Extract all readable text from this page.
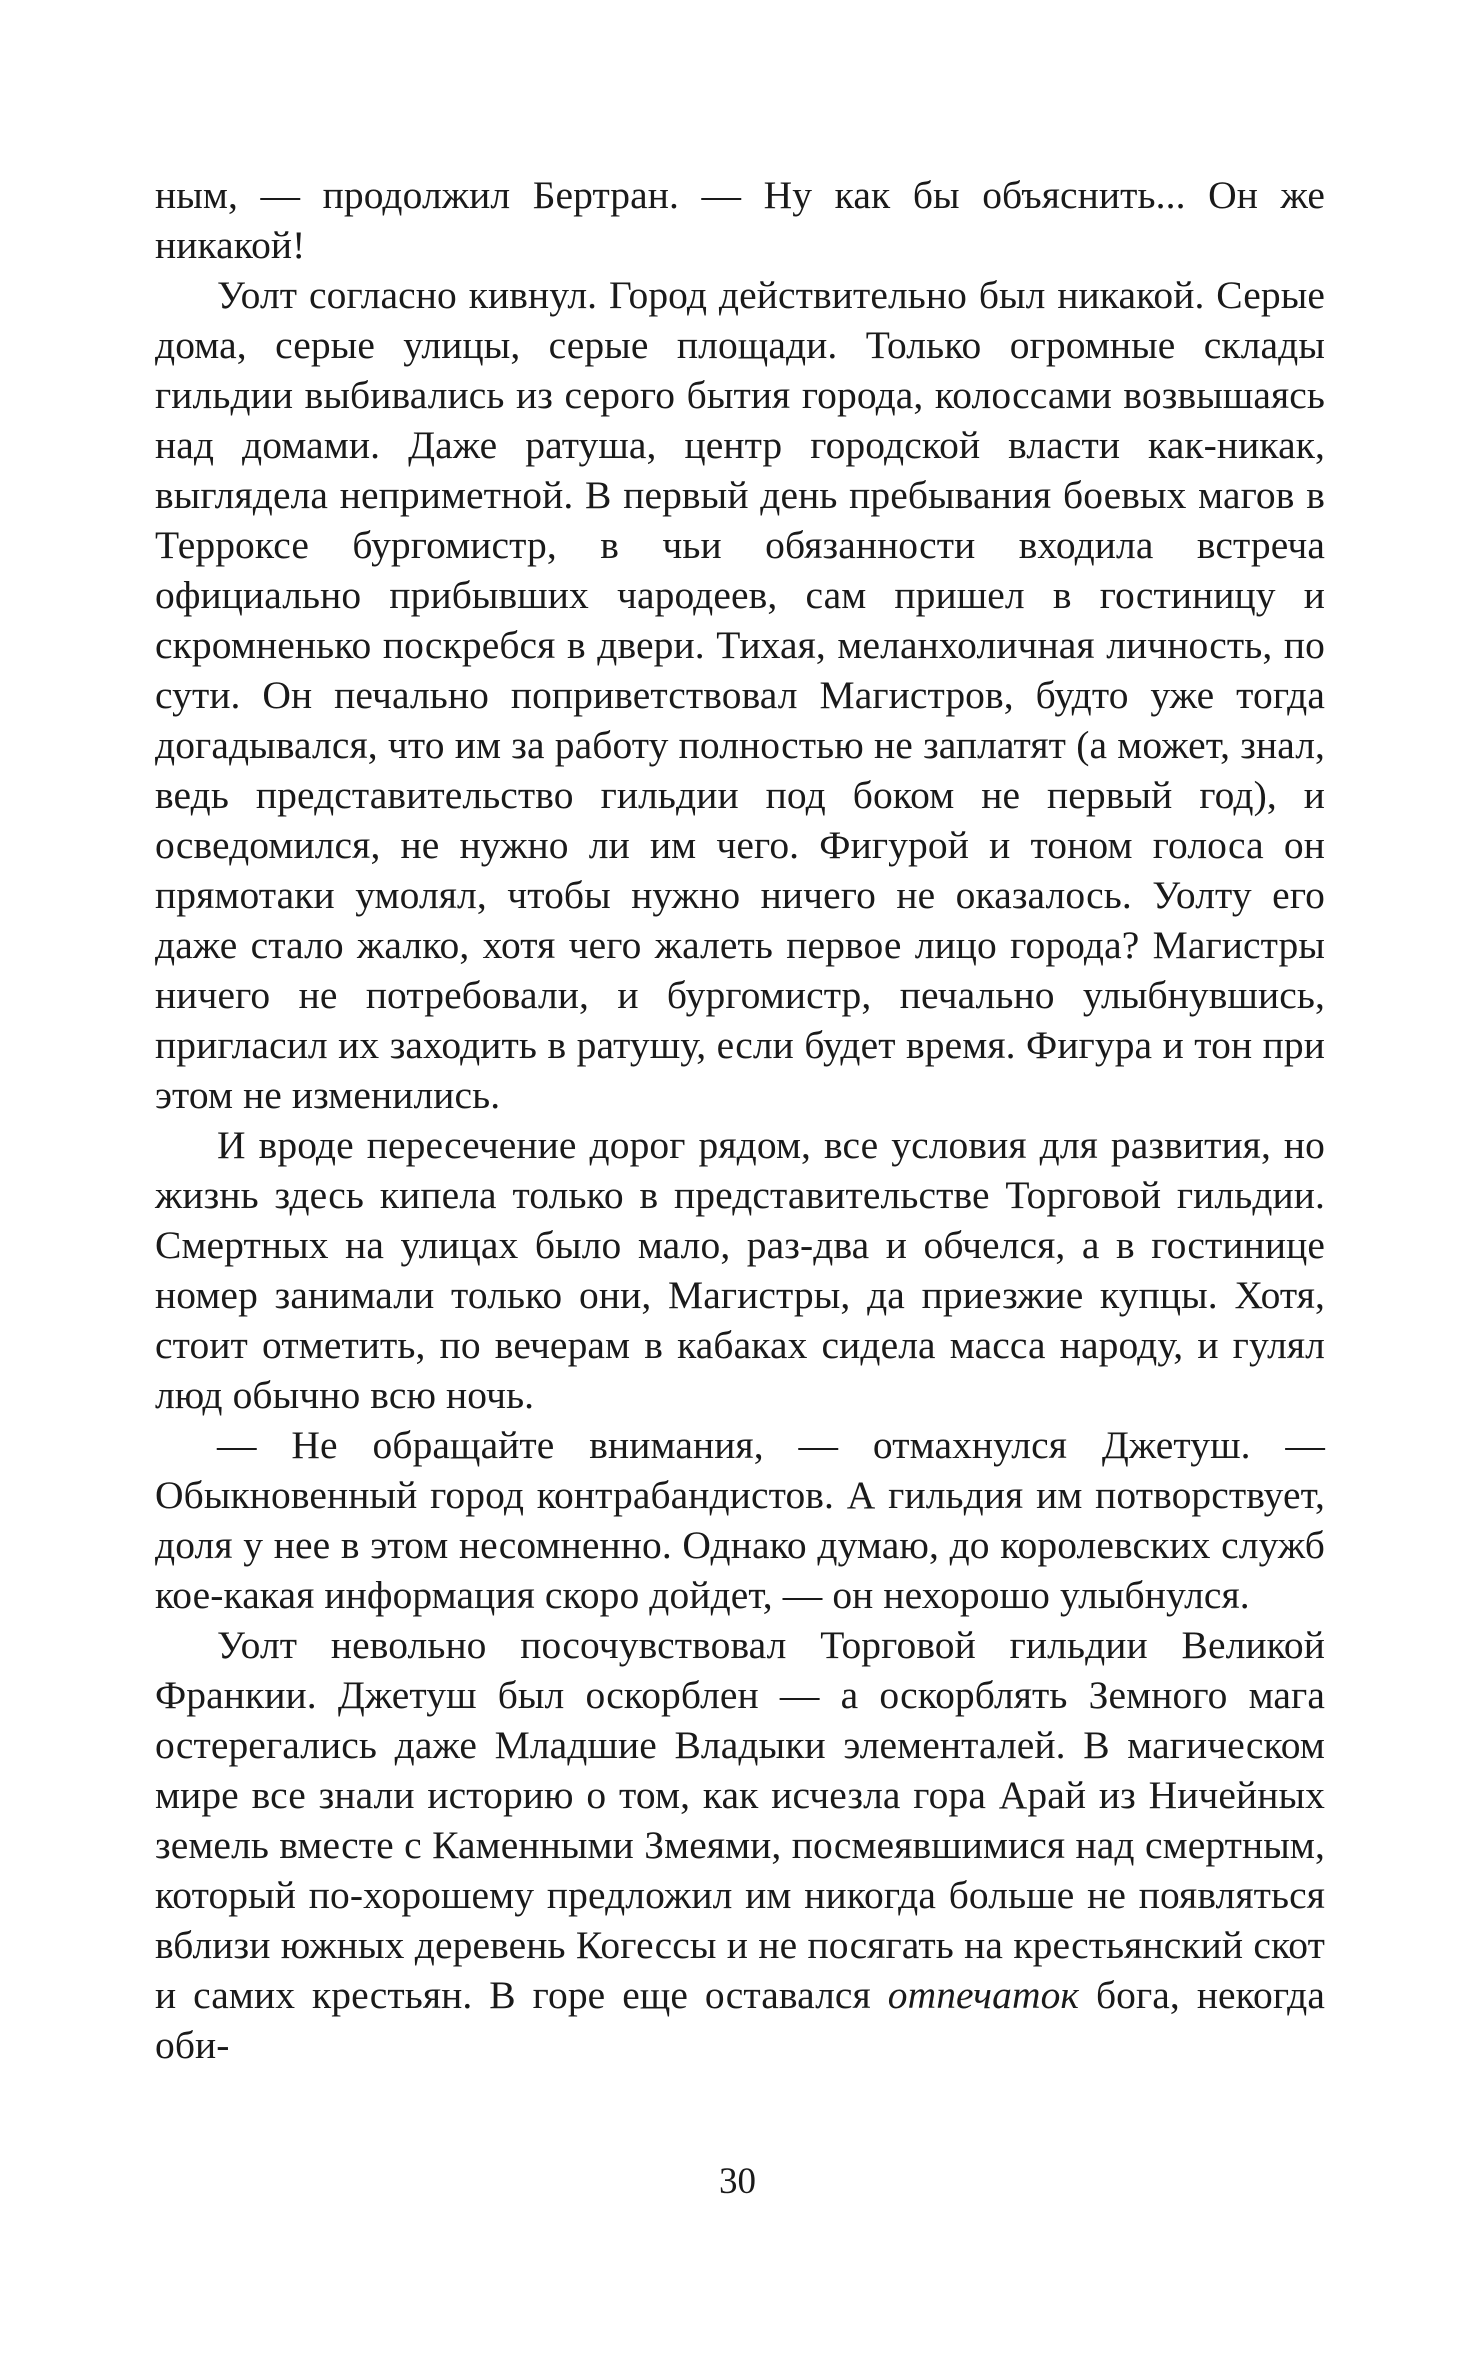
ным, — продолжил Бертран. — Ну как бы объяснить... Он же никакой!

Уолт согласно кивнул. Город действительно был никакой. Серые дома, серые улицы, серые площади. Только огромные склады гильдии выбивались из серого бытия города, колоссами возвышаясь над домами. Даже ратуша, центр городской власти как-никак, выглядела неприметной. В первый день пребывания боевых магов в Терроксе бургомистр, в чьи обязанности входила встреча официально прибывших чародеев, сам пришел в гостиницу и скромненько поскребся в двери. Тихая, меланхоличная личность, по сути. Он печально поприветствовал Магистров, будто уже тогда догадывался, что им за работу полностью не заплатят (а может, знал, ведь представительство гильдии под боком не первый год), и осведомился, не нужно ли им чего. Фигурой и тоном голоса он прямотаки умолял, чтобы нужно ничего не оказалось. Уолту его даже стало жалко, хотя чего жалеть первое лицо города? Магистры ничего не потребовали, и бургомистр, печально улыбнувшись, пригласил их заходить в ратушу, если будет время. Фигура и тон при этом не изменились.

И вроде пересечение дорог рядом, все условия для развития, но жизнь здесь кипела только в представительстве Торговой гильдии. Смертных на улицах было мало, раз-два и обчелся, а в гостинице номер занимали только они, Магистры, да приезжие купцы. Хотя, стоит отметить, по вечерам в кабаках сидела масса народу, и гулял люд обычно всю ночь.

— Не обращайте внимания, — отмахнулся Джетуш. — Обыкновенный город контрабандистов. А гильдия им потворствует, доля у нее в этом несомненно. Однако думаю, до королевских служб кое-какая информация скоро дойдет, — он нехорошо улыбнулся.

Уолт невольно посочувствовал Торговой гильдии Великой Франкии. Джетуш был оскорблен — а оскорблять Земного мага остерегались даже Младшие Владыки элементалей. В магическом мире все знали историю о том, как исчезла гора Арай из Ничейных земель вместе с Каменными Змеями, посмеявшимися над смертным, который по-хорошему предложил им никогда больше не появляться вблизи южных деревень Когессы и не посягать на крестьянский скот и самих крестьян. В горе еще оставался отпечаток бога, некогда оби-

30
